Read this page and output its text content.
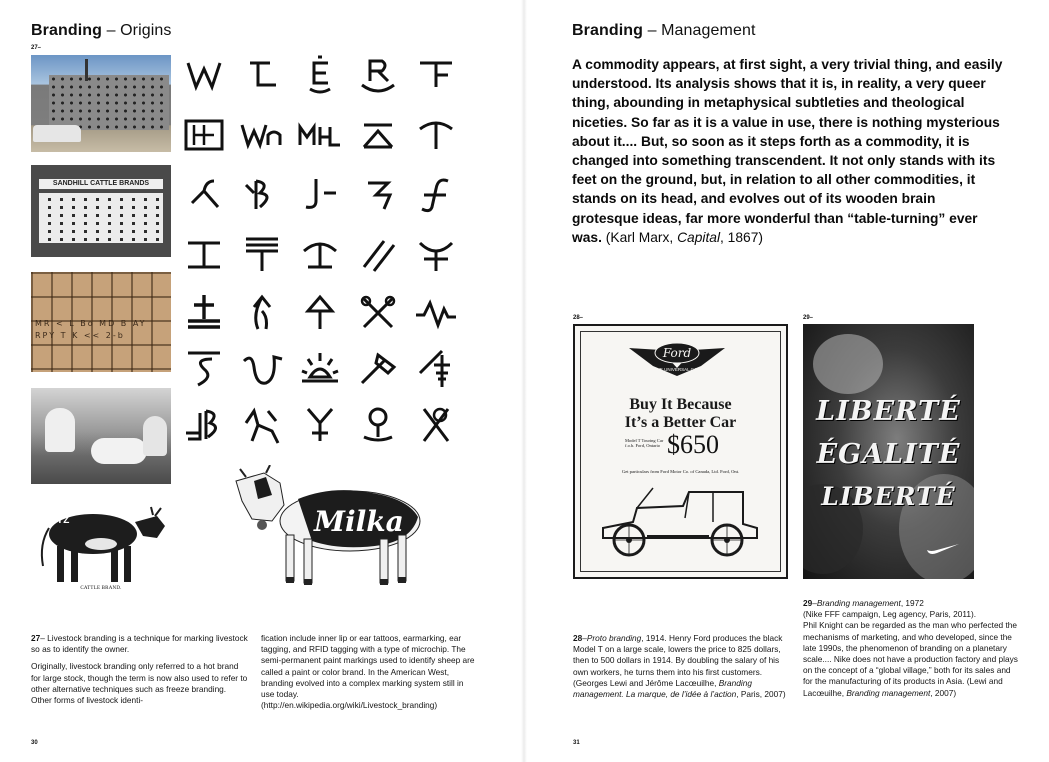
Branding – Origins
27–
SANDHILL CATTLE BRANDS
MR < L Bo MD B AY RPY T K << 2-b
JYZ
CATTLE BRAND.
Milka

27– Livestock branding is a technique for marking livestock so as to identify the owner.

Originally, livestock branding only referred to a hot brand for large stock, though the term is now also used to refer to other alternative techniques such as freeze branding. Other forms of livestock identi-

fication include inner lip or ear tattoos, earmarking, ear tagging, and RFID tagging with a type of microchip. The semi-permanent paint markings used to identify sheep are called a paint or color brand. In the American West, branding evolved into a complex marking system still in use today.

(http://en.wikipedia.org/wiki/Livestock_branding)

30
Branding – Management
A commodity appears, at first sight, a very trivial thing, and easily understood. Its analysis shows that it is, in reality, a very queer thing, abounding in metaphysical subtleties and theological niceties. So far as it is a value in use, there is nothing mysterious about it.... But, so soon as it steps forth as a commodity, it is changed into something transcendent. It not only stands with its feet on the ground, but, in relation to all other commodities, it stands on its head, and evolves out of its wooden brain grotesque ideas, far more wonderful than “table-turning” ever was. (Karl Marx, Capital, 1867)
28–	29–
Ford
THE UNIVERSAL CAR
Buy It Because
It’s a Better Car
Model T Touring Car f.o.b. Ford, Ontario $650
Get particulars from Ford Motor Co. of Canada, Ltd. Ford, Ont.
LIBERTÉ
ÉGALITÉ
LIBERTÉ

28–Proto branding, 1914. Henry Ford produces the black Model T on a large scale, lowers the price to 825 dollars, then to 500 dollars in 1914. By doubling the salary of his own workers, he turns them into his first customers. (Georges Lewi and Jérôme Lacœuilhe, Branding management. La marque, de l’idée à l’action, Paris, 2007)

29–Branding management, 1972

(Nike FFF campaign, Leg agency, Paris, 2011).

Phil Knight can be regarded as the man who perfected the mechanisms of marketing, and who developed, since the late 1990s, the phenomenon of branding on a planetary scale.... Nike does not have a production factory and plays on the concept of a “global village,” both for its sales and for the manufacturing of its products in Asia. (Lewi and Lacœuilhe, Branding management, 2007)

31
